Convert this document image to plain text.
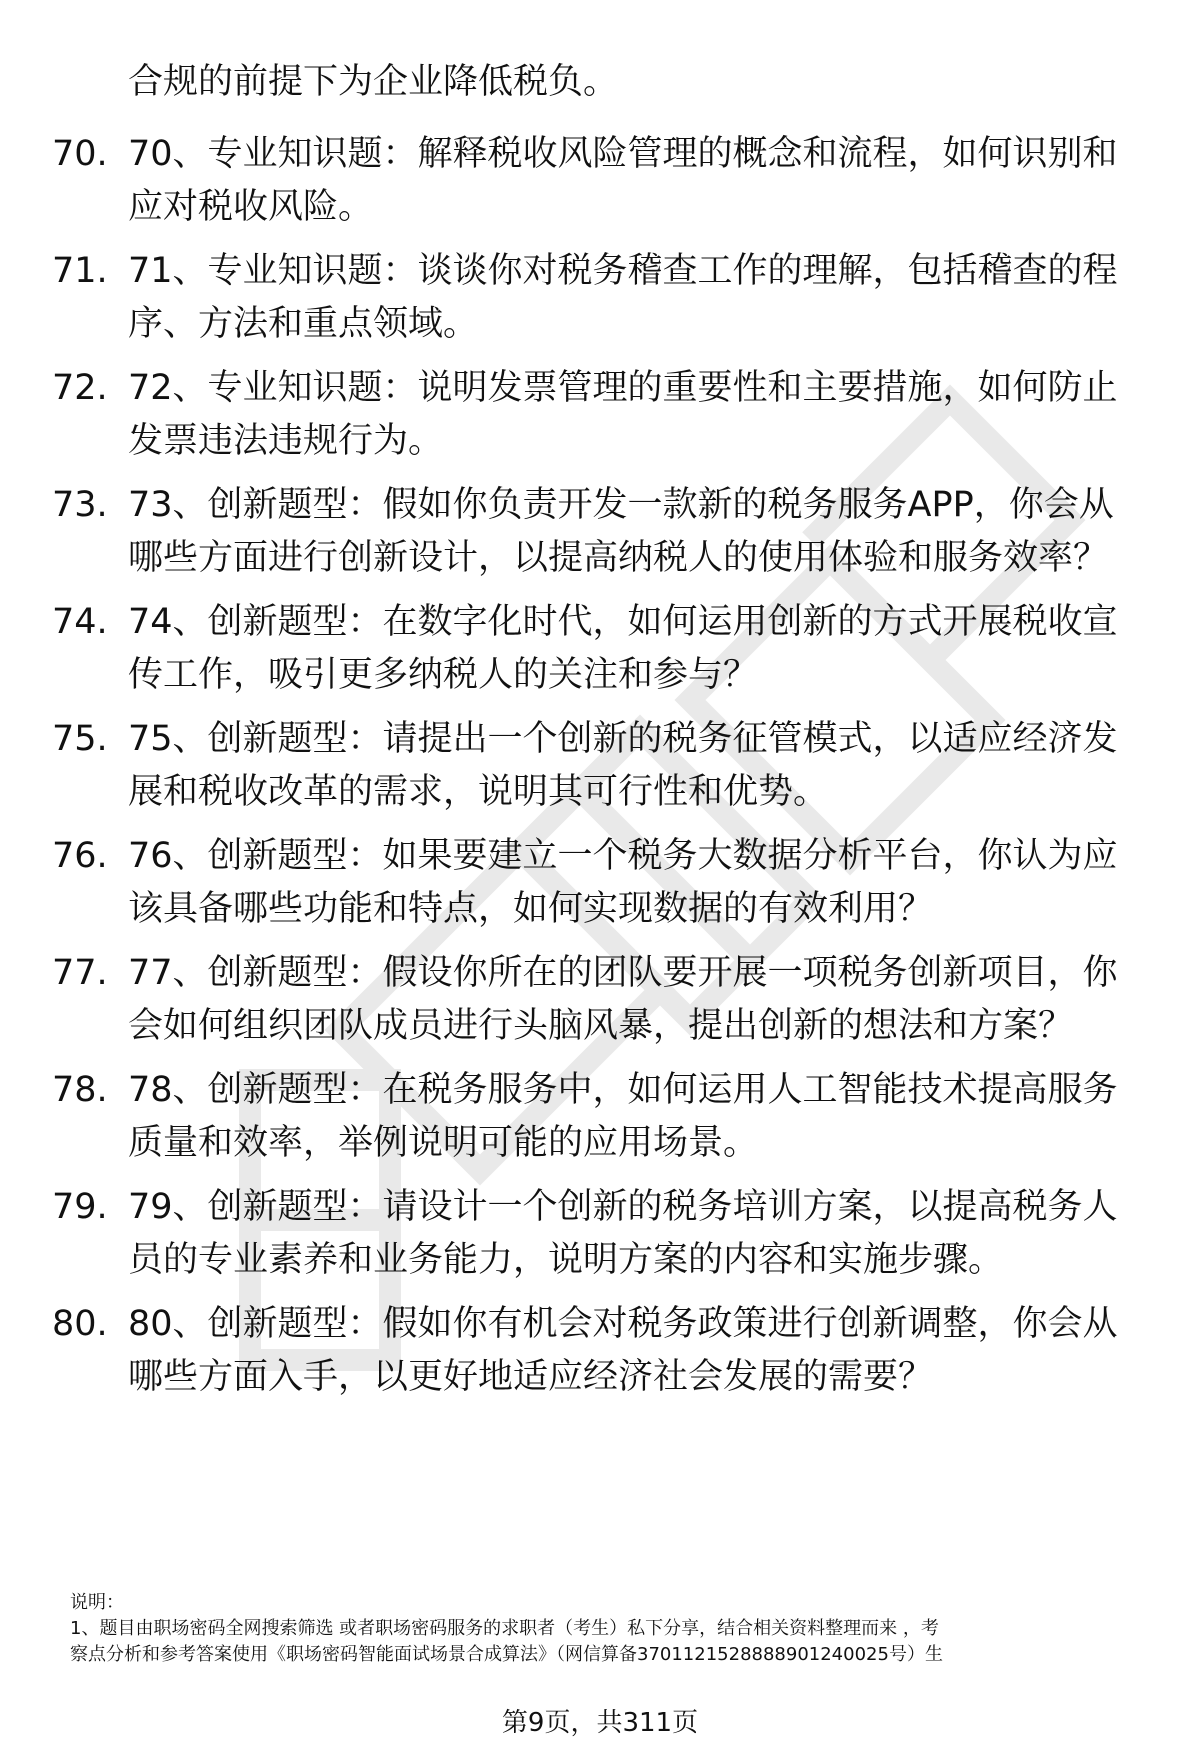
合规的前提下为企业降低税负。
70. 70、专业知识题：解释税收风险管理的概念和流程，如何识别和
应对税收风险。
71. 71、专业知识题：谈谈你对税务稽查工作的理解，包括稽查的程
序、方法和重点领域。
72. 72、专业知识题：说明发票管理的重要性和主要措施，如何防止
发票违法违规行为。
73. 73、创新题型：假如你负责开发一款新的税务服务APP，你会从
哪些方面进行创新设计，以提高纳税人的使用体验和服务效率？
74. 74、创新题型：在数字化时代，如何运用创新的方式开展税收宣
传工作，吸引更多纳税人的关注和参与？
75. 75、创新题型：请提出一个创新的税务征管模式，以适应经济发
展和税收改革的需求，说明其可行性和优势。
76. 76、创新题型：如果要建立一个税务大数据分析平台，你认为应
该具备哪些功能和特点，如何实现数据的有效利用？
77. 77、创新题型：假设你所在的团队要开展一项税务创新项目，你
会如何组织团队成员进行头脑风暴，提出创新的想法和方案？
78. 78、创新题型：在税务服务中，如何运用人工智能技术提高服务
质量和效率，举例说明可能的应用场景。
79. 79、创新题型：请设计一个创新的税务培训方案，以提高税务人
员的专业素养和业务能力，说明方案的内容和实施步骤。
80. 80、创新题型：假如你有机会对税务政策进行创新调整，你会从
哪些方面入手，以更好地适应经济社会发展的需要？
说明：
1、题目由职场密码全网搜索筛选 或者职场密码服务的求职者（考生）私下分享，结合相关资料整理而来 ，考
察点分析和参考答案使用《职场密码智能面试场景合成算法》（网信算备3701121528888901240025号）生
第9页，共311页
